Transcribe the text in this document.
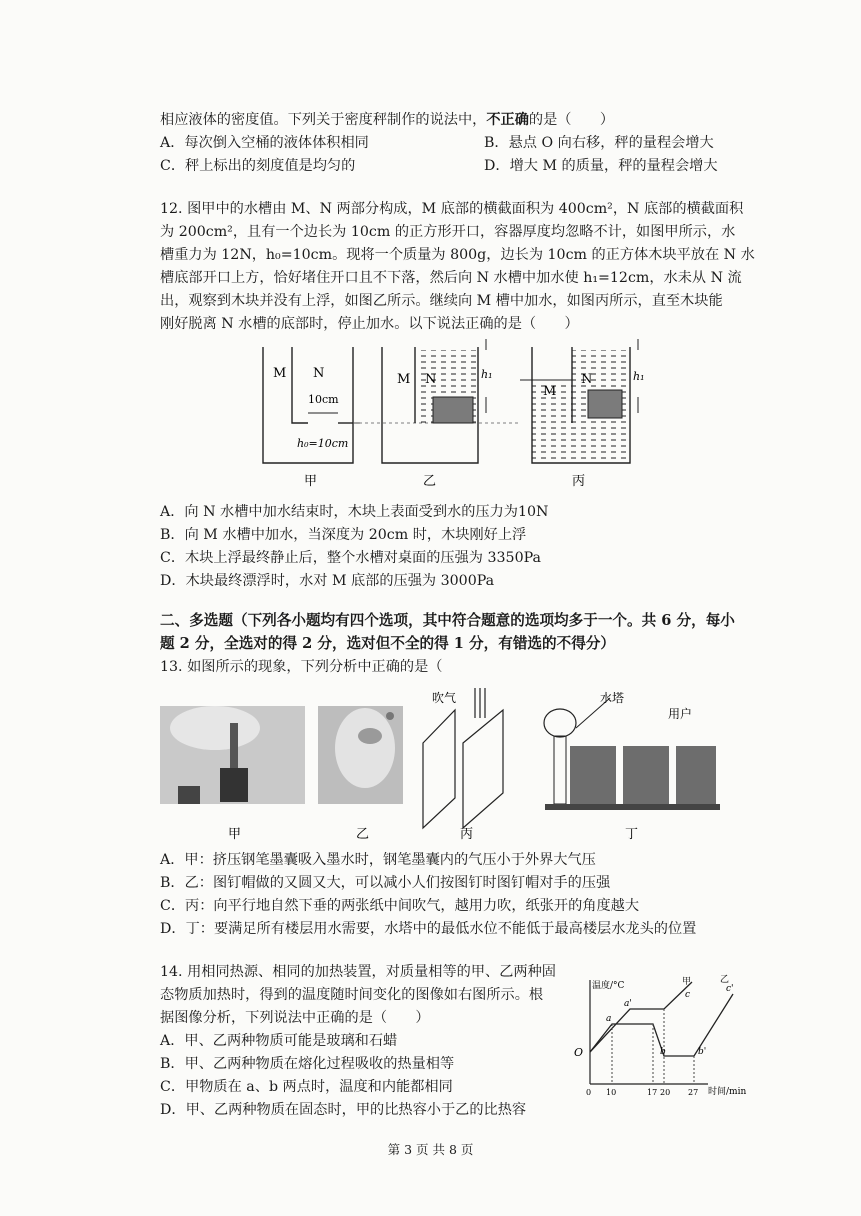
相应液体的密度值。下列关于密度秤制作的说法中，不正确的是（　　）
A．每次倒入空桶的液体体积相同	B．悬点 O 向右移，秤的量程会增大
C．秤上标出的刻度值是均匀的	D．增大 M 的质量，秤的量程会增大
12. 图甲中的水槽由 M、N 两部分构成，M 底部的横截面积为 400cm²，N 底部的横截面积
为 200cm²，且有一个边长为 10cm 的正方形开口，容器厚度均忽略不计，如图甲所示，水
槽重力为 12N，h₀=10cm。现将一个质量为 800g，边长为 10cm 的正方体木块平放在 N 水
槽底部开口上方，恰好堵住开口且不下落，然后向 N 水槽中加水使 h₁=12cm，水未从 N 流
出，观察到木块并没有上浮，如图乙所示。继续向 M 槽中加水，如图丙所示，直至木块能
刚好脱离 N 水槽的底部时，停止加水。以下说法正确的是（　　）
M N
10cm
h₀=10cm
M N	h₁
M
N	h₁
甲	乙	丙
A．向 N 水槽中加水结束时，木块上表面受到水的压力为10N
B．向 M 水槽中加水，当深度为 20cm 时，木块刚好上浮
C．木块上浮最终静止后，整个水槽对桌面的压强为 3350Pa
D．木块最终漂浮时，水对 M 底部的压强为 3000Pa
二、多选题（下列各小题均有四个选项，其中符合题意的选项均多于一个。共 6 分，每小
题 2 分，全选对的得 2 分，选对但不全的得 1 分，有错选的不得分）
13. 如图所示的现象，下列分析中正确的是（
吹气	水塔
用户
甲	乙	丙	丁
A．甲：挤压钢笔墨囊吸入墨水时，钢笔墨囊内的气压小于外界大气压
B．乙：图钉帽做的又圆又大，可以减小人们按图钉时图钉帽对手的压强
C．丙：向平行地自然下垂的两张纸中间吹气，越用力吹，纸张开的角度越大
D．丁：要满足所有楼层用水需要，水塔中的最低水位不能低于最高楼层水龙头的位置
14. 用相同热源、相同的加热装置，对质量相等的甲、乙两种固
态物质加热时，得到的温度随时间变化的图像如右图所示。根
据图像分析，下列说法中正确的是（　　）
A．甲、乙两种物质可能是玻璃和石蜡
B．甲、乙两种物质在熔化过程吸收的热量相等
C．甲物质在 a、b 两点时，温度和内能都相同
D．甲、乙两种物质在固态时，甲的比热容小于乙的比热容
温度/°C
时间/min
O
a
b
c
a'
b'
c'
甲	乙
0 10	17 20 27
第 3 页 共 8 页
